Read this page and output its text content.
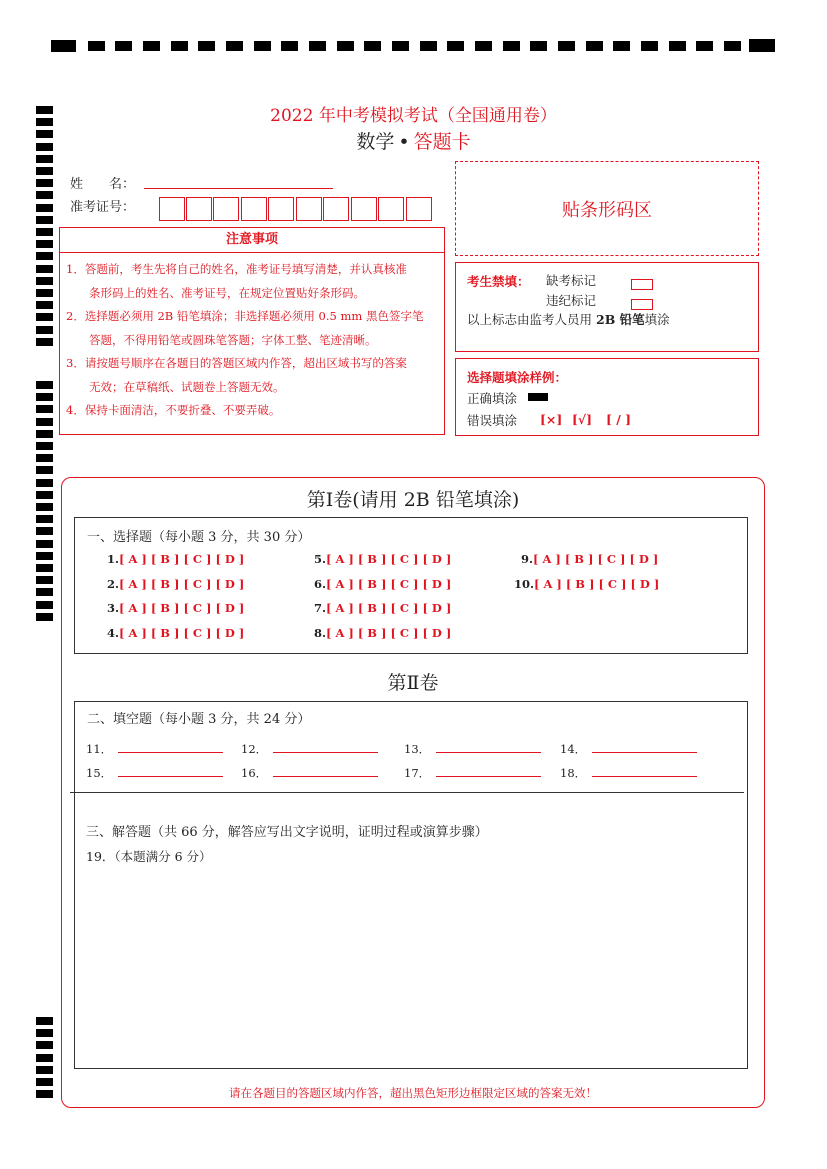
2022 年中考模拟考试（全国通用卷）
数学 • 答题卡
姓　　名：
准考证号：
注意事项
1．答题前，考生先将自己的姓名，准考证号填写清楚，并认真核准
　　条形码上的姓名、准考证号，在规定位置贴好条形码。
2．选择题必须用 2B 铅笔填涂；非选择题必须用 0.5 mm 黑色签字笔
　　答题，不得用铅笔或圆珠笔答题；字体工整、笔迹清晰。
3．请按题号顺序在各题目的答题区域内作答，超出区域书写的答案
　　无效；在草稿纸、试题卷上答题无效。
4．保持卡面清洁，不要折叠、不要弄破。
贴条形码区
考生禁填： 缺考标记
违纪标记
以上标志由监考人员用 2B 铅笔填涂
选择题填涂样例：
正确填涂
错误填涂 [×] [√] [ / ]
第Ⅰ卷(请用 2B 铅笔填涂)
一、选择题（每小题 3 分，共 30 分）
1.[ A ] [ B ] [ C ] [ D ]
2.[ A ] [ B ] [ C ] [ D ]
3.[ A ] [ B ] [ C ] [ D ]
4.[ A ] [ B ] [ C ] [ D ]
5.[ A ] [ B ] [ C ] [ D ]
6.[ A ] [ B ] [ C ] [ D ]
7.[ A ] [ B ] [ C ] [ D ]
8.[ A ] [ B ] [ C ] [ D ]
9.[ A ] [ B ] [ C ] [ D ]
10.[ A ] [ B ] [ C ] [ D ]
第Ⅱ卷
二、填空题（每小题 3 分，共 24 分）
11．	12．	13．	14．
15．	16．	17．	18．
三、解答题（共 66 分，解答应写出文字说明，证明过程或演算步骤）
19．（本题满分 6 分）
请在各题目的答题区域内作答，超出黑色矩形边框限定区域的答案无效！
